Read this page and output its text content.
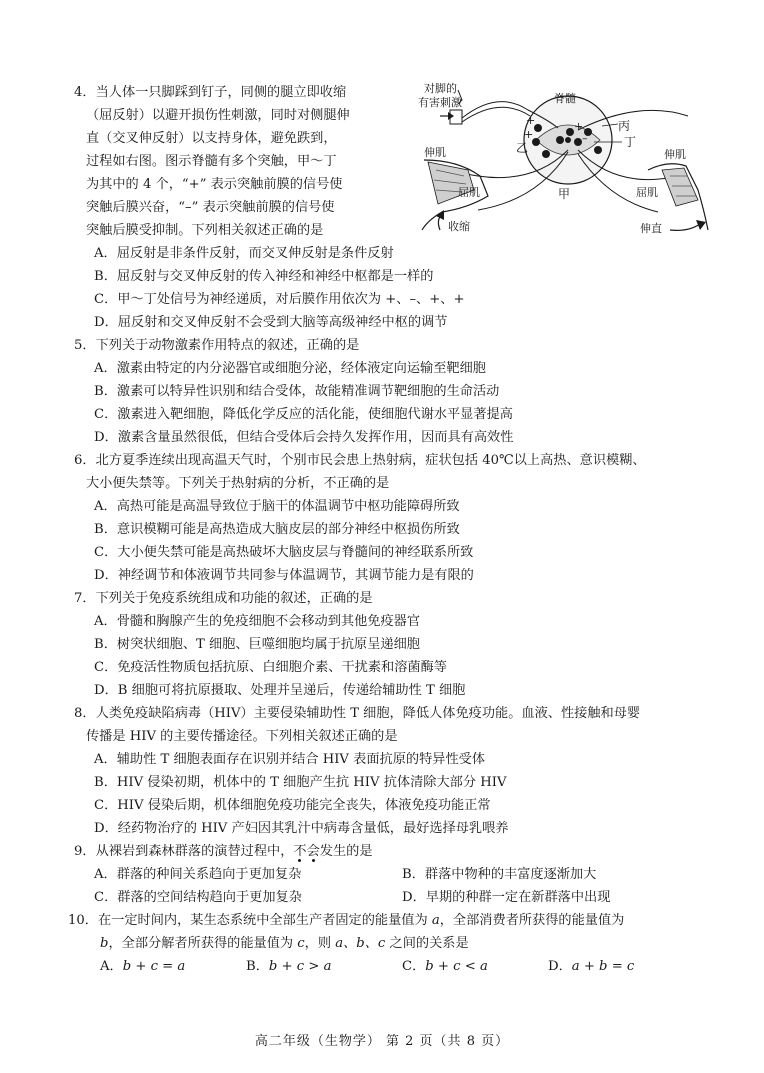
4．当人体一只脚踩到钉子，同侧的腿立即收缩
（屈反射）以避开损伤性刺激，同时对侧腿伸
直（交叉伸反射）以支持身体，避免跌到，
过程如右图。图示脊髓有多个突触，甲～丁
为其中的 4 个，“+” 表示突触前膜的信号使
突触后膜兴奋，“–” 表示突触前膜的信号使
突触后膜受抑制。下列相关叙述正确的是
A．屈反射是非条件反射，而交叉伸反射是条件反射
B．屈反射与交叉伸反射的传入神经和神经中枢都是一样的
C．甲～丁处信号为神经递质，对后膜作用依次为 +、–、+、+
D．屈反射和交叉伸反射不会受到大脑等高级神经中枢的调节
对脚的
有害刺激	脊髓
+
+
+
–
乙
甲
丙
丁
伸肌
屈肌
收缩
伸肌
屈肌
伸直
5．下列关于动物激素作用特点的叙述，正确的是
A．激素由特定的内分泌器官或细胞分泌，经体液定向运输至靶细胞
B．激素可以特异性识别和结合受体，故能精准调节靶细胞的生命活动
C．激素进入靶细胞，降低化学反应的活化能，使细胞代谢水平显著提高
D．激素含量虽然很低，但结合受体后会持久发挥作用，因而具有高效性
6．北方夏季连续出现高温天气时，个别市民会患上热射病，症状包括 40℃以上高热、意识模糊、
大小便失禁等。下列关于热射病的分析，不正确的是
A．高热可能是高温导致位于脑干的体温调节中枢功能障碍所致
B．意识模糊可能是高热造成大脑皮层的部分神经中枢损伤所致
C．大小便失禁可能是高热破坏大脑皮层与脊髓间的神经联系所致
D．神经调节和体液调节共同参与体温调节，其调节能力是有限的
7．下列关于免疫系统组成和功能的叙述，正确的是
A．骨髓和胸腺产生的免疫细胞不会移动到其他免疫器官
B．树突状细胞、T 细胞、巨噬细胞均属于抗原呈递细胞
C．免疫活性物质包括抗原、白细胞介素、干扰素和溶菌酶等
D．B 细胞可将抗原摄取、处理并呈递后，传递给辅助性 T 细胞
8．人类免疫缺陷病毒（HIV）主要侵染辅助性 T 细胞，降低人体免疫功能。血液、性接触和母婴
传播是 HIV 的主要传播途径。下列相关叙述正确的是
A．辅助性 T 细胞表面存在识别并结合 HIV 表面抗原的特异性受体
B．HIV 侵染初期，机体中的 T 细胞产生抗 HIV 抗体清除大部分 HIV
C．HIV 侵染后期，机体细胞免疫功能完全丧失，体液免疫功能正常
D．经药物治疗的 HIV 产妇因其乳汁中病毒含量低，最好选择母乳喂养
9．从裸岩到森林群落的演替过程中，不会发生的是
A．群落的种间关系趋向于更加复杂	B．群落中物种的丰富度逐渐加大
C．群落的空间结构趋向于更加复杂	D．早期的种群一定在新群落中出现
10．在一定时间内，某生态系统中全部生产者固定的能量值为 a，全部消费者所获得的能量值为
b，全部分解者所获得的能量值为 c，则 a、b、c 之间的关系是
A．b + c = a	B．b + c > a	C．b + c < a	D．a + b = c
高二年级（生物学） 第 2 页（共 8 页）
